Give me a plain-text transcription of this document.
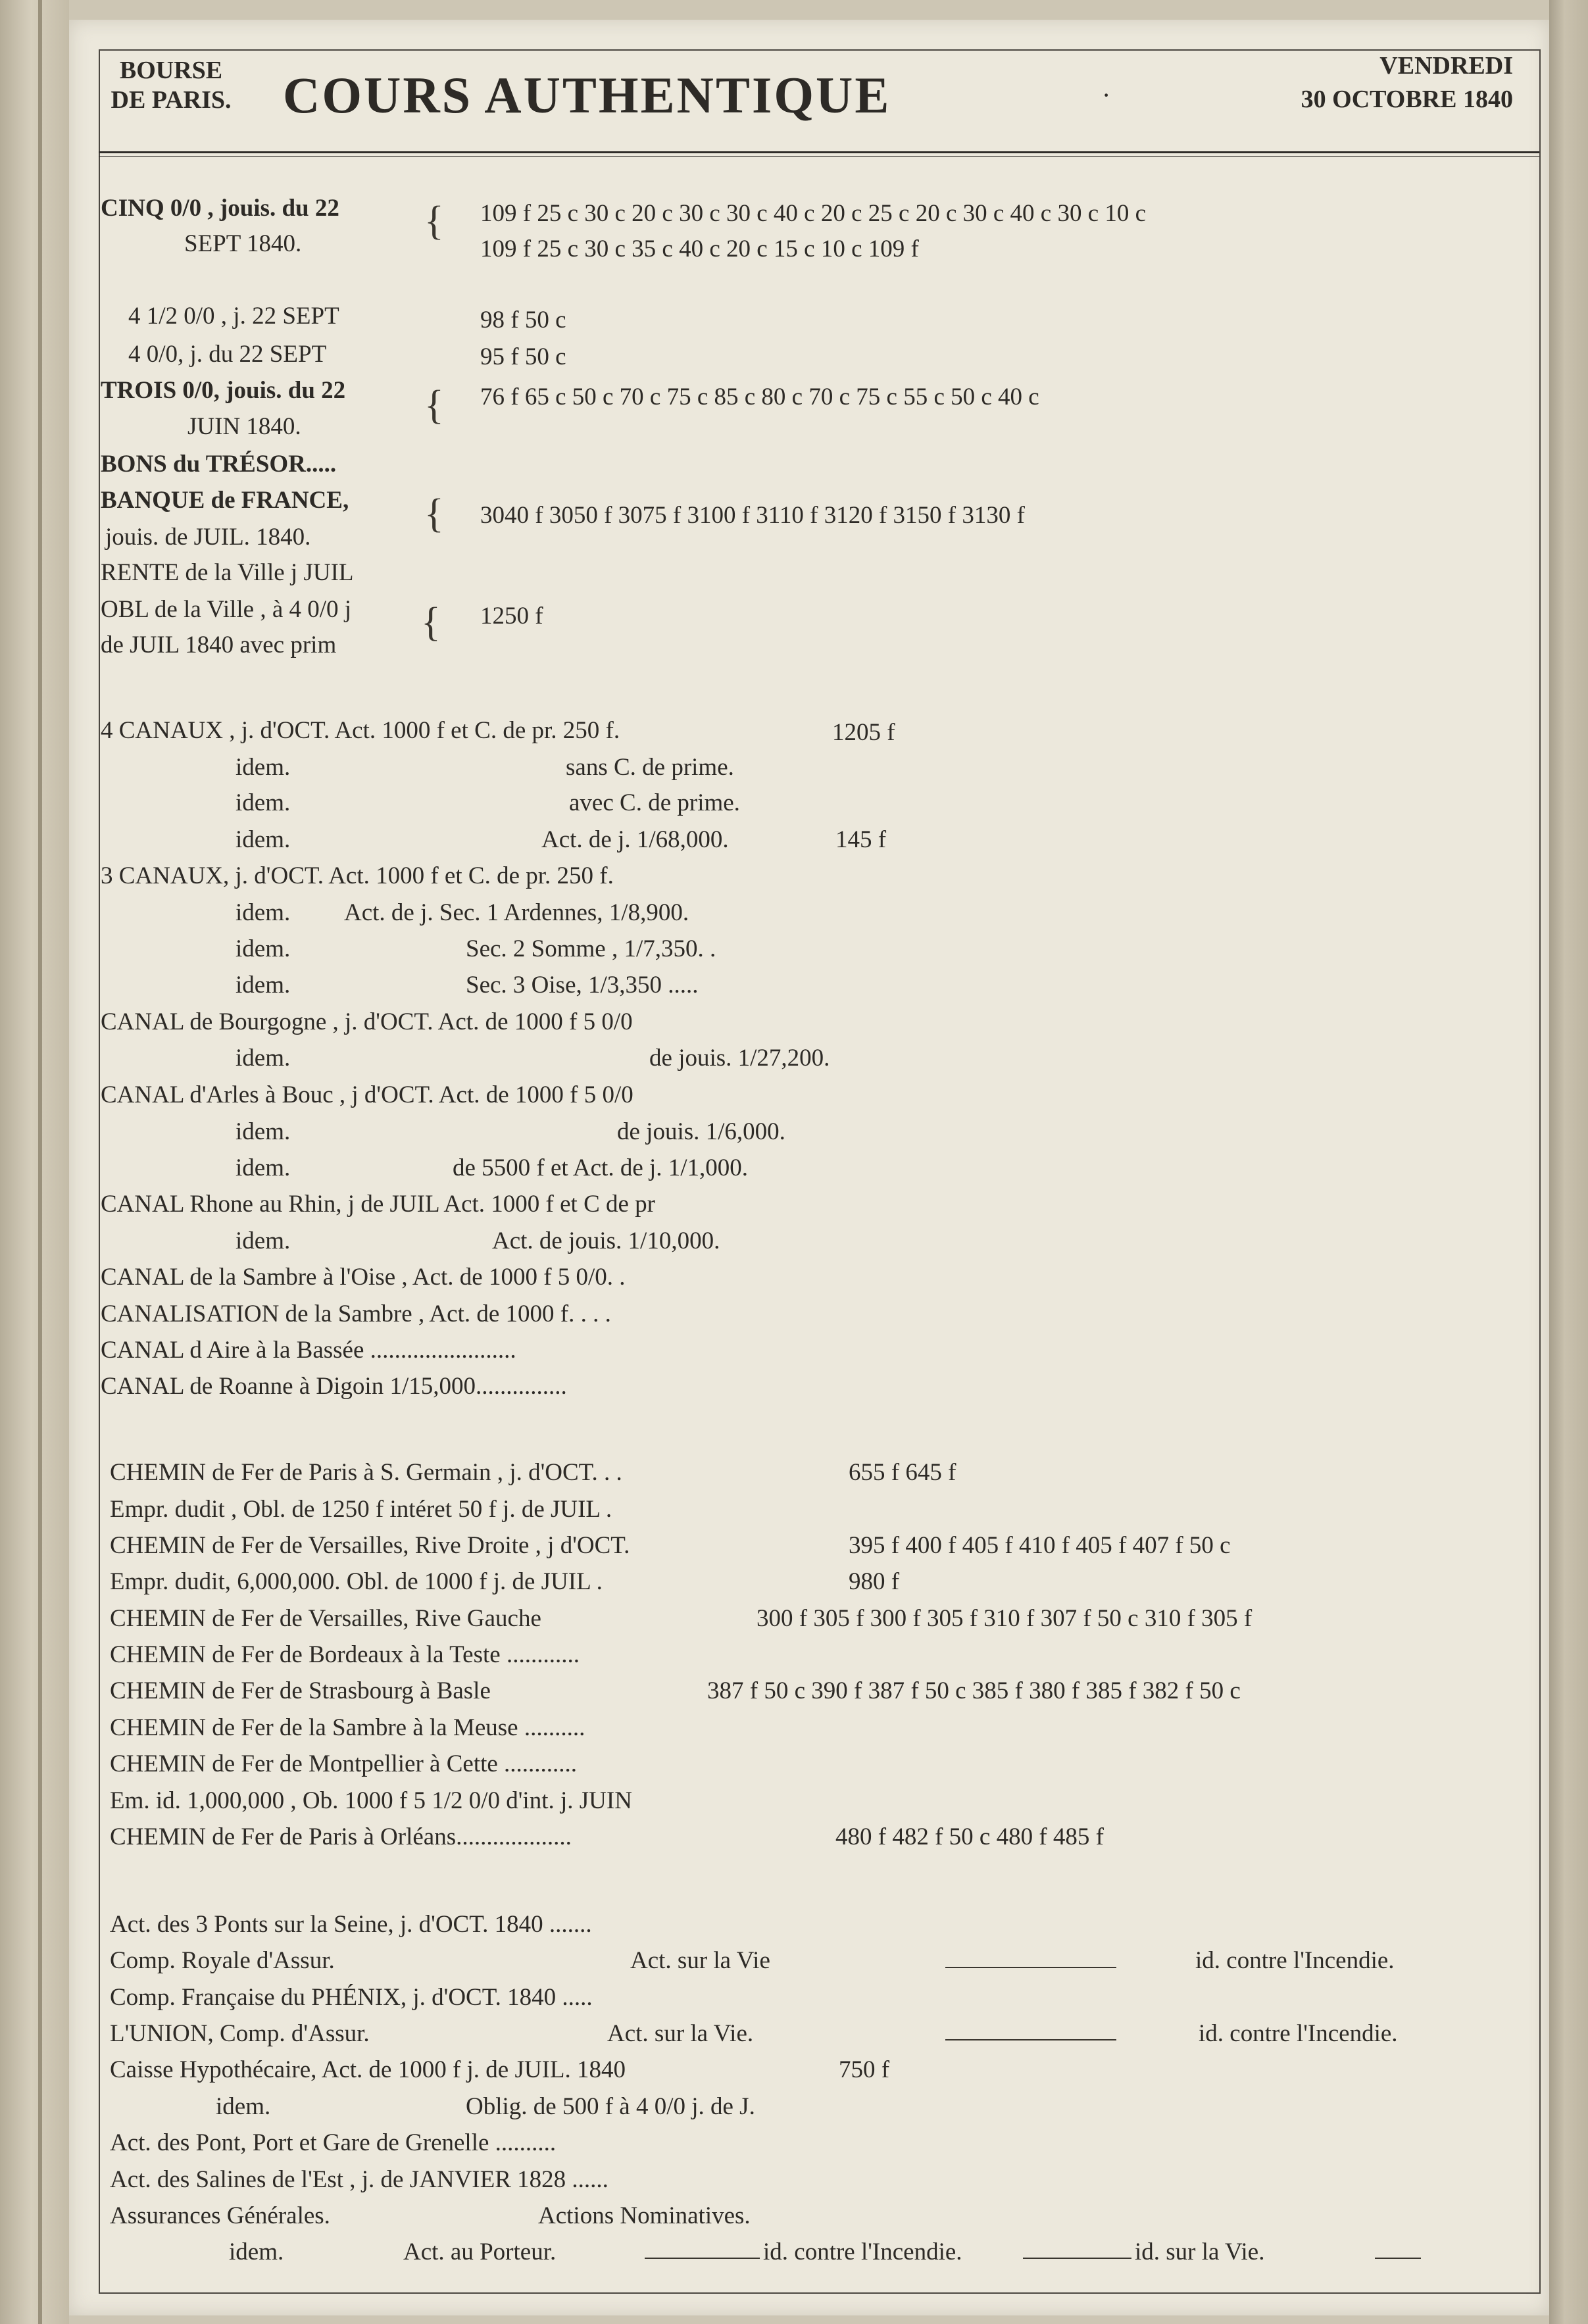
BOURSE
DE PARIS.	COURS AUTHENTIQUE	·
VENDREDI
30 OCTOBRE 1840
CINQ 0/0 , jouis. du 22
SEPT 1840.
{ 109 f 25 c 30 c 20 c 30 c 30 c 40 c 20 c 25 c 20 c 30 c 40 c 30 c 10 c
109 f 25 c 30 c 35 c 40 c 20 c 15 c 10 c 109 f
4 1/2 0/0 , j. 22 SEPT	98 f 50 c
4 0/0, j. du 22 SEPT	95 f 50 c
TROIS 0/0, jouis. du 22
JUIN 1840.	{ 76 f 65 c 50 c 70 c 75 c 85 c 80 c 70 c 75 c 55 c 50 c 40 c
BONS du TRÉSOR.....
BANQUE de FRANCE,
jouis. de JUIL. 1840.
{ 3040 f 3050 f 3075 f 3100 f 3110 f 3120 f 3150 f 3130 f
RENTE de la Ville j JUIL
OBL de la Ville , à 4 0/0 j
de JUIL 1840 avec prim
{ 1250 f
4 CANAUX , j. d'OCT. Act. 1000 f et C. de pr. 250 f.	1205 f
idem.	sans C. de prime.
idem.	avec C. de prime.
idem.	Act. de j. 1/68,000.	145 f
3 CANAUX, j. d'OCT. Act. 1000 f et C. de pr. 250 f.
idem. Act. de j. Sec. 1 Ardennes, 1/8,900.
idem.	Sec. 2 Somme , 1/7,350. .
idem.	Sec. 3 Oise, 1/3,350 .....
CANAL de Bourgogne , j. d'OCT. Act. de 1000 f 5 0/0
idem.	de jouis. 1/27,200.
CANAL d'Arles à Bouc , j d'OCT. Act. de 1000 f 5 0/0
idem.	de jouis. 1/6,000.
idem.	de 5500 f et Act. de j. 1/1,000.
CANAL Rhone au Rhin, j de JUIL Act. 1000 f et C de pr
idem.	Act. de jouis. 1/10,000.
CANAL de la Sambre à l'Oise , Act. de 1000 f 5 0/0. .
CANALISATION de la Sambre , Act. de 1000 f. . . .
CANAL d Aire à la Bassée ........................
CANAL de Roanne à Digoin 1/15,000...............
CHEMIN de Fer de Paris à S. Germain , j. d'OCT. . .	655 f 645 f
Empr. dudit , Obl. de 1250 f intéret 50 f j. de JUIL .
CHEMIN de Fer de Versailles, Rive Droite , j d'OCT.	395 f 400 f 405 f 410 f 405 f 407 f 50 c
Empr. dudit, 6,000,000. Obl. de 1000 f j. de JUIL .	980 f
CHEMIN de Fer de Versailles, Rive Gauche	300 f 305 f 300 f 305 f 310 f 307 f 50 c 310 f 305 f
CHEMIN de Fer de Bordeaux à la Teste ............
CHEMIN de Fer de Strasbourg à Basle	387 f 50 c 390 f 387 f 50 c 385 f 380 f 385 f 382 f 50 c
CHEMIN de Fer de la Sambre à la Meuse ..........
CHEMIN de Fer de Montpellier à Cette ............
Em. id. 1,000,000 , Ob. 1000 f 5 1/2 0/0 d'int. j. JUIN
CHEMIN de Fer de Paris à Orléans...................	480 f 482 f 50 c 480 f 485 f
Act. des 3 Ponts sur la Seine, j. d'OCT. 1840 .......
Comp. Royale d'Assur.	Act. sur la Vie	id. contre l'Incendie.
Comp. Française du PHÉNIX, j. d'OCT. 1840 .....
L'UNION, Comp. d'Assur.	Act. sur la Vie.	id. contre l'Incendie.
Caisse Hypothécaire, Act. de 1000 f j. de JUIL. 1840	750 f
idem.	Oblig. de 500 f à 4 0/0 j. de J.
Act. des Pont, Port et Gare de Grenelle ..........
Act. des Salines de l'Est , j. de JANVIER 1828 ......
Assurances Générales.	Actions Nominatives.
idem.	Act. au Porteur.	id. contre l'Incendie.	id. sur la Vie.
